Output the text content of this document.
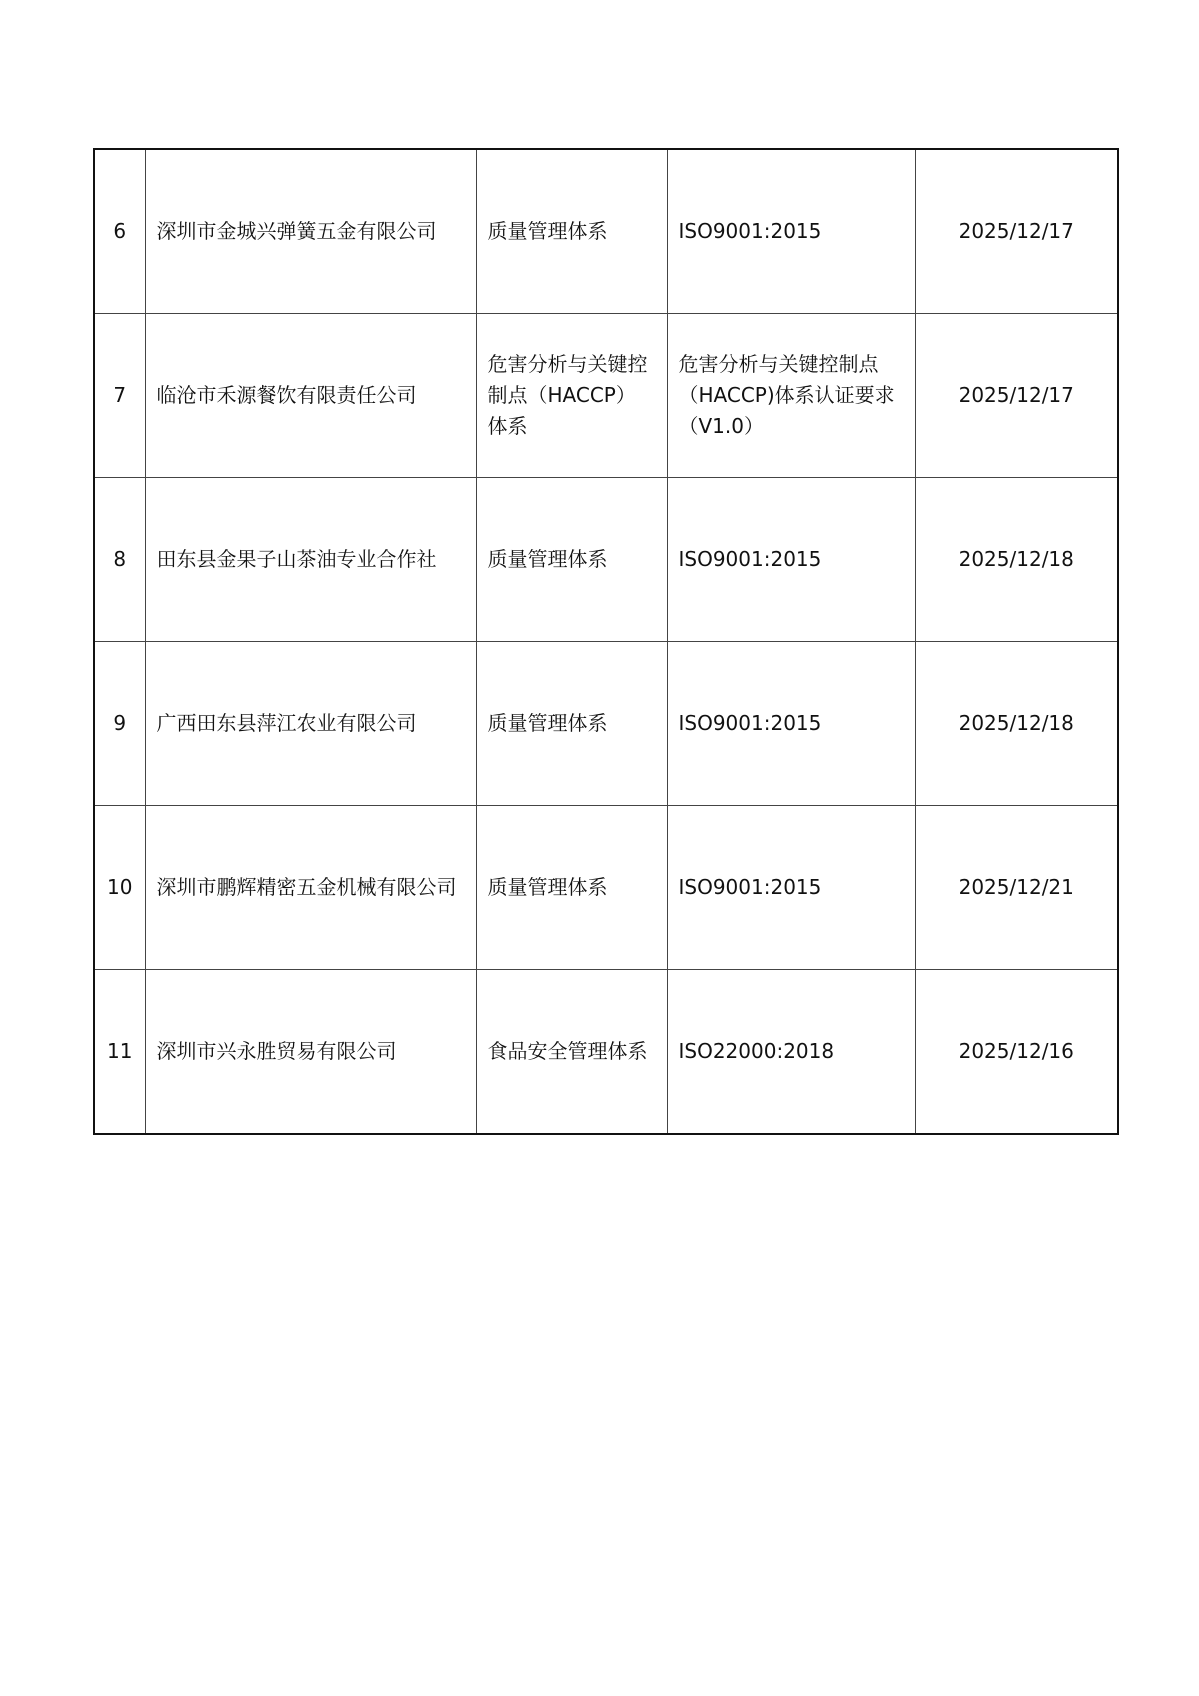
6	深圳市金城兴弹簧五金有限公司	质量管理体系	ISO9001:2015	2025/12/17
7	临沧市禾源餐饮有限责任公司	危害分析与关键控制点（HACCP）体系	危害分析与关键控制点（HACCP)体系认证要求（V1.0）	2025/12/17
8	田东县金果子山茶油专业合作社	质量管理体系	ISO9001:2015	2025/12/18
9	广西田东县萍江农业有限公司	质量管理体系	ISO9001:2015	2025/12/18
10	深圳市鹏辉精密五金机械有限公司	质量管理体系	ISO9001:2015	2025/12/21
11	深圳市兴永胜贸易有限公司	食品安全管理体系	ISO22000:2018	2025/12/16
